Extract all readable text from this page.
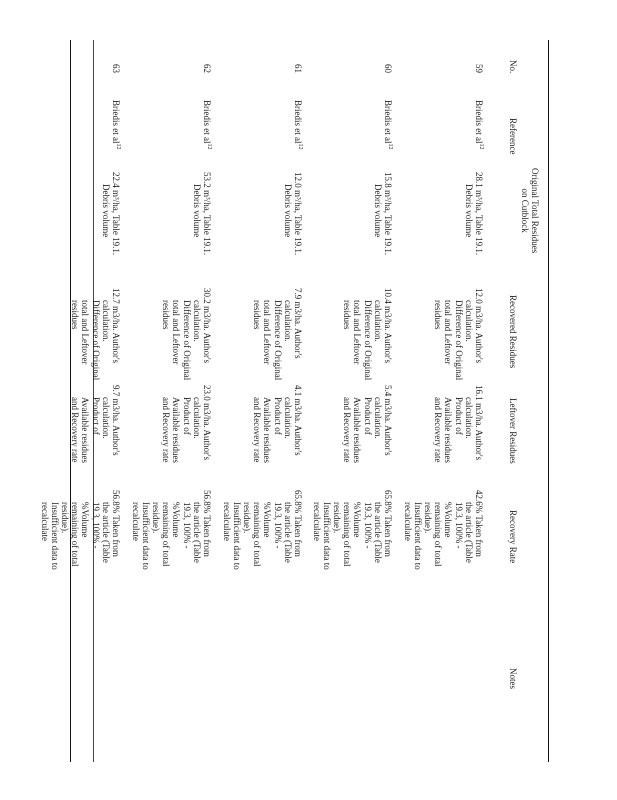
No.
Reference
Original Total Residues
on Cutblock
Recovered Residues
Leftover Residues
Recovery Rate
Notes
59
Briedis et $al^{12}$
28.1 m³/ha, Table 19.1.
Debris volume
12.0 m3/ha. Author's
calculation.
Difference of Original
total and Leftover
residues
16.1 m3/ha. Author's
calculation.
Product of
Available residues
and Recovery rate
42.6% Taken from
the article (Table
19.3, 100% -
%Volume
remaining of total
residue).
Insufficient data to
recalculate
60
Briedis et $al^{12}$
15.8 m³/ha, Table 19.1.
Debris volume
10.4 m3/ha. Author's
calculation.
Difference of Original
total and Leftover
residues
5.4 m3/ha. Author's
calculation.
Product of
Available residues
and Recovery rate
65.8% Taken from
the article (Table
19.3, 100% -
%Volume
remaining of total
residue).
Insufficient data to
recalculate
61
Briedis et $al^{12}$
12.0 m³/ha, Table 19.1.
Debris volume
7.9 m3/ha. Author's
calculation.
Difference of Original
total and Leftover
residues
4.1 m3/ha. Author's
calculation.
Product of
Available residues
and Recovery rate
65.8% Taken from
the article (Table
19.3, 100% -
%Volume
remaining of total
residue).
Insufficient data to
recalculate
62
Briedis et $al^{12}$
53.2 m³/ha, Table 19.1.
Debris volume
30.2 m3/ha. Author's
calculation.
Difference of Original
total and Leftover
residues
23.0 m3/ha. Author's
calculation.
Product of
Available residues
and Recovery rate
56.8% Taken from
the article (Table
19.3, 100% -
%Volume
remaining of total
residue).
Insufficient data to
recalculate
63
Briedis et $al^{12}$
22.4 m³/ha, Table 19.1.
Debris volume
12.7 m3/ha. Author's
calculation.
Difference of Original
total and Leftover
residues
9.7 m3/ha. Author's
calculation.
Product of
Available residues
and Recovery rate
56.8% Taken from
the article (Table
19.3, 100% -
%Volume
remaining of total
residue).
Insufficient data to
recalculate
